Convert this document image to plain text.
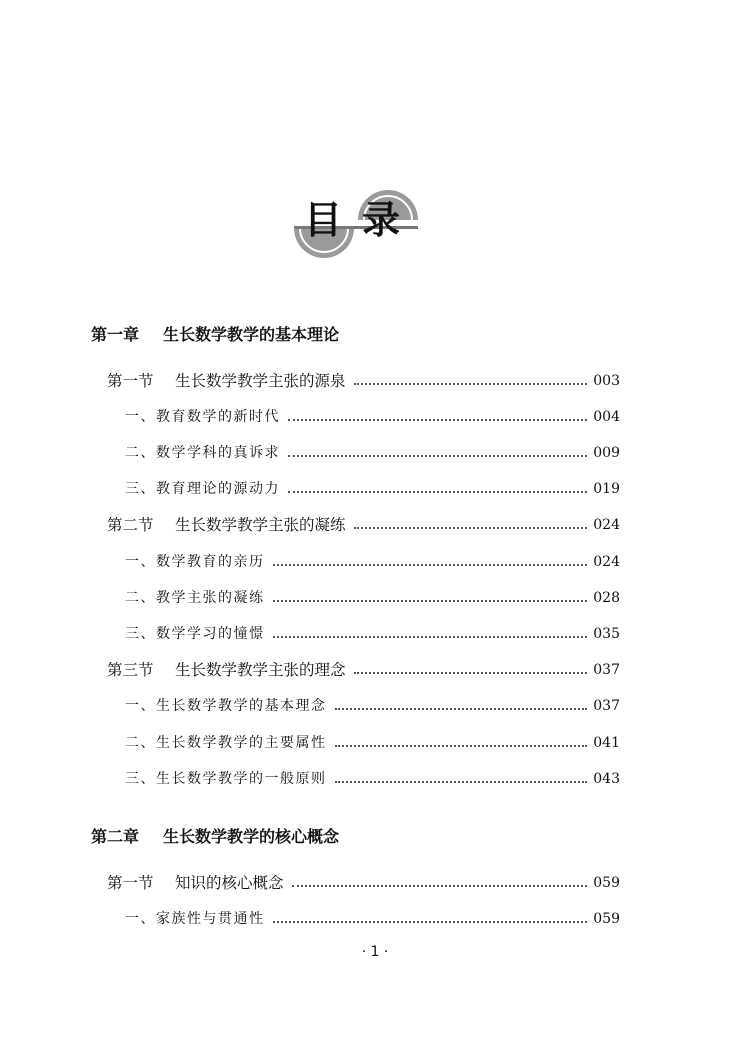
目 录
第一章 生长数学教学的基本理论
第一节	生长数学教学主张的源泉	003
一、教育数学的新时代	004
二、数学学科的真诉求	009
三、教育理论的源动力	019
第二节	生长数学教学主张的凝练	024
一、数学教育的亲历	024
二、教学主张的凝练	028
三、数学学习的憧憬	035
第三节	生长数学教学主张的理念	037
一、生长数学教学的基本理念	037
二、生长数学教学的主要属性	041
三、生长数学教学的一般原则	043
第二章 生长数学教学的核心概念
第一节	知识的核心概念	059
一、家族性与贯通性	059
· 1 ·
